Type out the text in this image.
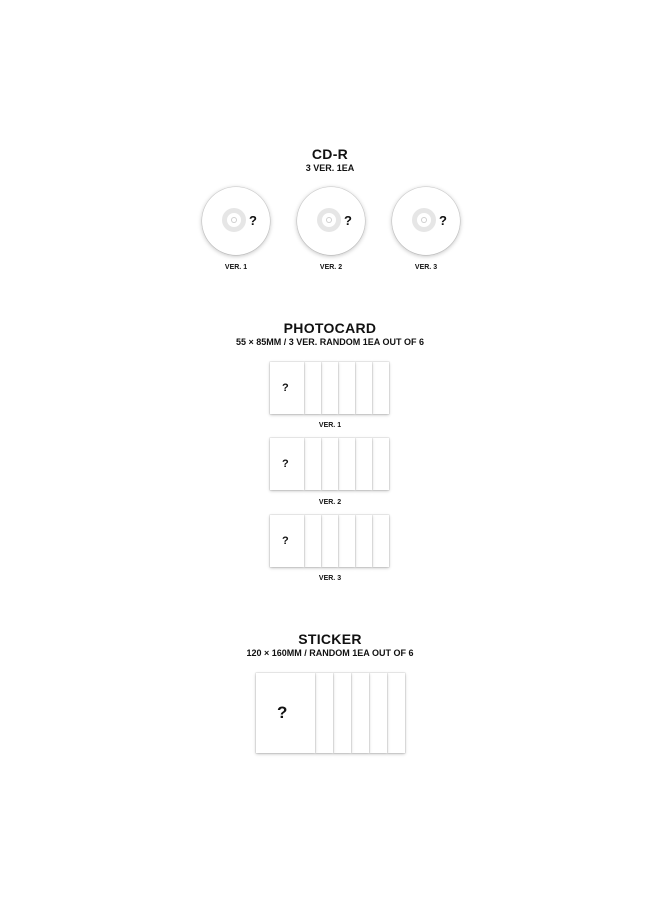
CD-R
3 VER. 1EA
?
VER. 1
?
VER. 2
?
VER. 3
PHOTOCARD
55 × 85MM / 3 VER. RANDOM 1EA OUT OF 6
?
VER. 1
?
VER. 2
?
VER. 3
STICKER
120 × 160MM / RANDOM 1EA OUT OF 6
?
